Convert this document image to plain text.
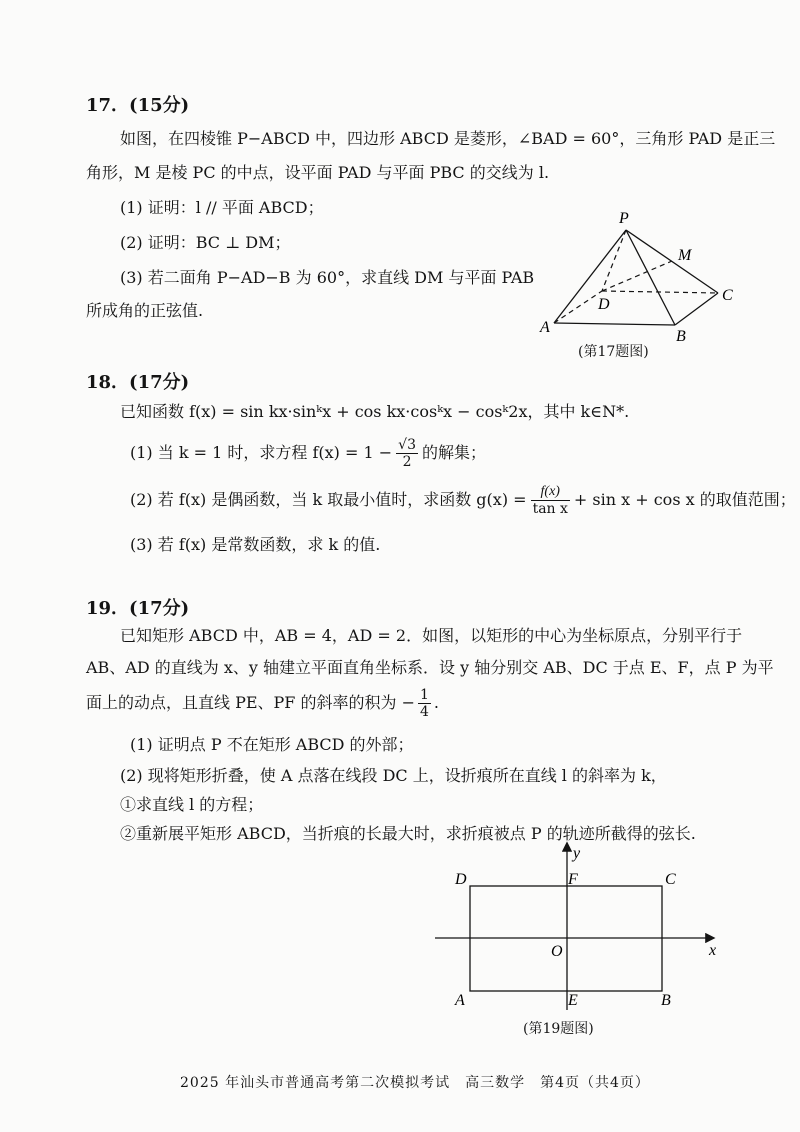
17．(15分)
如图，在四棱锥 P−ABCD 中，四边形 ABCD 是菱形，∠BAD = 60°，三角形 PAD 是正三
角形，M 是棱 PC 的中点，设平面 PAD 与平面 PBC 的交线为 l.
(1) 证明：l // 平面 ABCD；
(2) 证明：BC ⊥ DM；
(3) 若二面角 P−AD−B 为 60°，求直线 DM 与平面 PAB
所成角的正弦值.
P
M
D
C
A
B
(第17题图)
18．(17分)
已知函数 f(x) = sin kx·sinᵏx + cos kx·cosᵏx − cosᵏ2x，其中 k∈N*.
(1) 当 k = 1 时，求方程 $f(x) = 1 - \frac{√3}{2}$ 的解集；
(2) 若 f(x) 是偶函数，当 k 取最小值时，求函数 $g(x) = \frac{f(x)}{\text{tan x}} + \sin x + \cos x$ 的取值范围；
(3) 若 f(x) 是常数函数，求 k 的值.
19．(17分)
已知矩形 ABCD 中，AB = 4，AD = 2．如图，以矩形的中心为坐标原点，分别平行于
AB、AD 的直线为 x、y 轴建立平面直角坐标系．设 y 轴分别交 AB、DC 于点 E、F，点 P 为平
面上的动点，且直线 PE、PF 的斜率的积为 − $\frac{1}{4}$ .
(1) 证明点 P 不在矩形 ABCD 的外部；
(2) 现将矩形折叠，使 A 点落在线段 DC 上，设折痕所在直线 l 的斜率为 k，
①求直线 l 的方程；
②重新展平矩形 ABCD，当折痕的长最大时，求折痕被点 P 的轨迹所截得的弦长.
y
x
D	F	C
O
A	E	B
(第19题图)
2025 年汕头市普通高考第二次模拟考试　高三数学　第4页（共4页）
